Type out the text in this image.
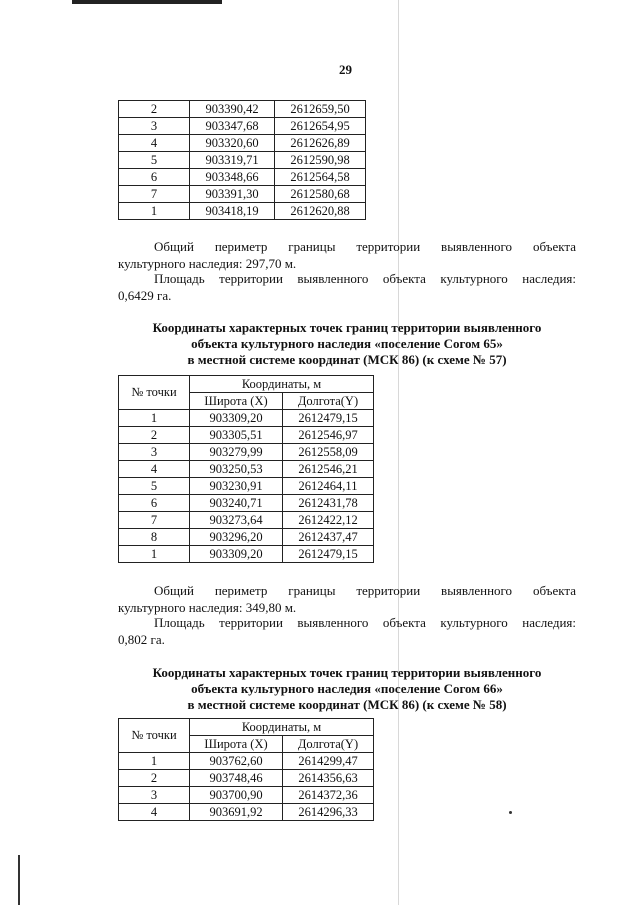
29
2	903390,42	2612659,50
3	903347,68	2612654,95
4	903320,60	2612626,89
5	903319,71	2612590,98
6	903348,66	2612564,58
7	903391,30	2612580,68
1	903418,19	2612620,88
Общий периметр границы территории выявленного объекта
культурного наследия: 297,70 м.
Площадь территории выявленного объекта культурного наследия:
0,6429 га.
Координаты характерных точек границ территории выявленного
объекта культурного наследия «поселение Согом 65»
в местной системе координат (МСК 86) (к схеме № 57)
№ точки	Координаты, м	
	Широта (X)	Долгота(Y)
1	903309,20	2612479,15
2	903305,51	2612546,97
3	903279,99	2612558,09
4	903250,53	2612546,21
5	903230,91	2612464,11
6	903240,71	2612431,78
7	903273,64	2612422,12
8	903296,20	2612437,47
1	903309,20	2612479,15
Общий периметр границы территории выявленного объекта
культурного наследия: 349,80 м.
Площадь территории выявленного объекта культурного наследия:
0,802 га.
Координаты характерных точек границ территории выявленного
объекта культурного наследия «поселение Согом 66»
в местной системе координат (МСК 86) (к схеме № 58)
№ точки	Координаты, м	
	Широта (X)	Долгота(Y)
1	903762,60	2614299,47
2	903748,46	2614356,63
3	903700,90	2614372,36
4	903691,92	2614296,33
